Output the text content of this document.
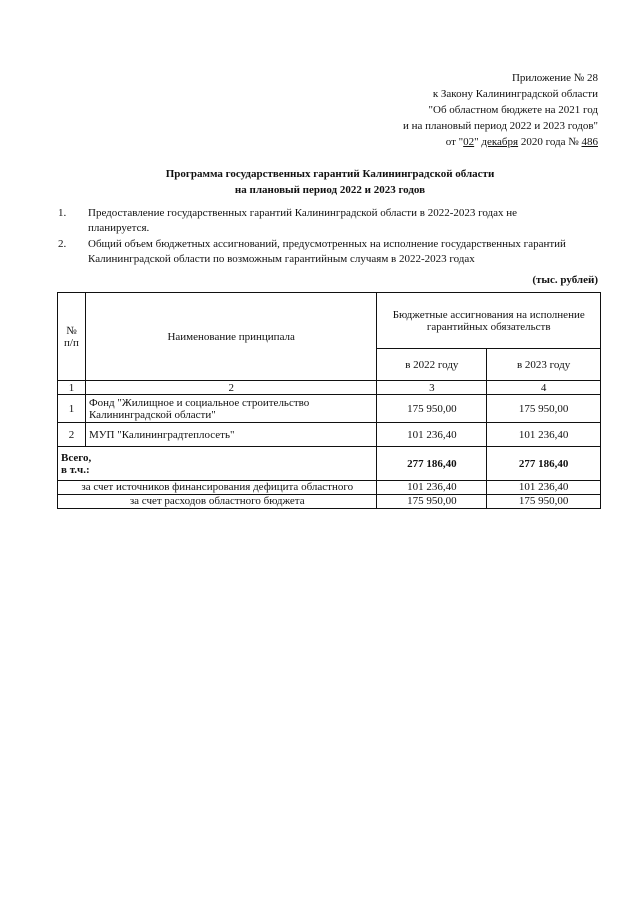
Приложение № 28
к Закону Калининградской области
"Об областном бюджете на 2021 год
и на плановый период 2022 и 2023 годов"
от "02" декабря 2020 года № 486
Программа государственных гарантий Калининградской области
на плановый период 2022 и 2023 годов
1.	Предоставление государственных гарантий Калининградской области в 2022-2023 годах не планируется.
2.	Общий объем бюджетных ассигнований, предусмотренных на исполнение государственных гарантий Калининградской области по возможным гарантийным случаям в 2022-2023 годах
(тыс. рублей)
№ п/п	Наименование принципала	Бюджетные ассигнования на исполнение гарантийных обязательств	
		в 2022 году	в 2023 году
1	2	3	4
1	Фонд "Жилищное и социальное строительство Калининградской области"	175 950,00	175 950,00
2	МУП "Калининградтеплосеть"	101 236,40	101 236,40

Всего,
в т.ч.:		277 186,40	277 186,40
за счет источников финансирования дефицита областного		101 236,40	101 236,40
за счет расходов областного бюджета		175 950,00	175 950,00
